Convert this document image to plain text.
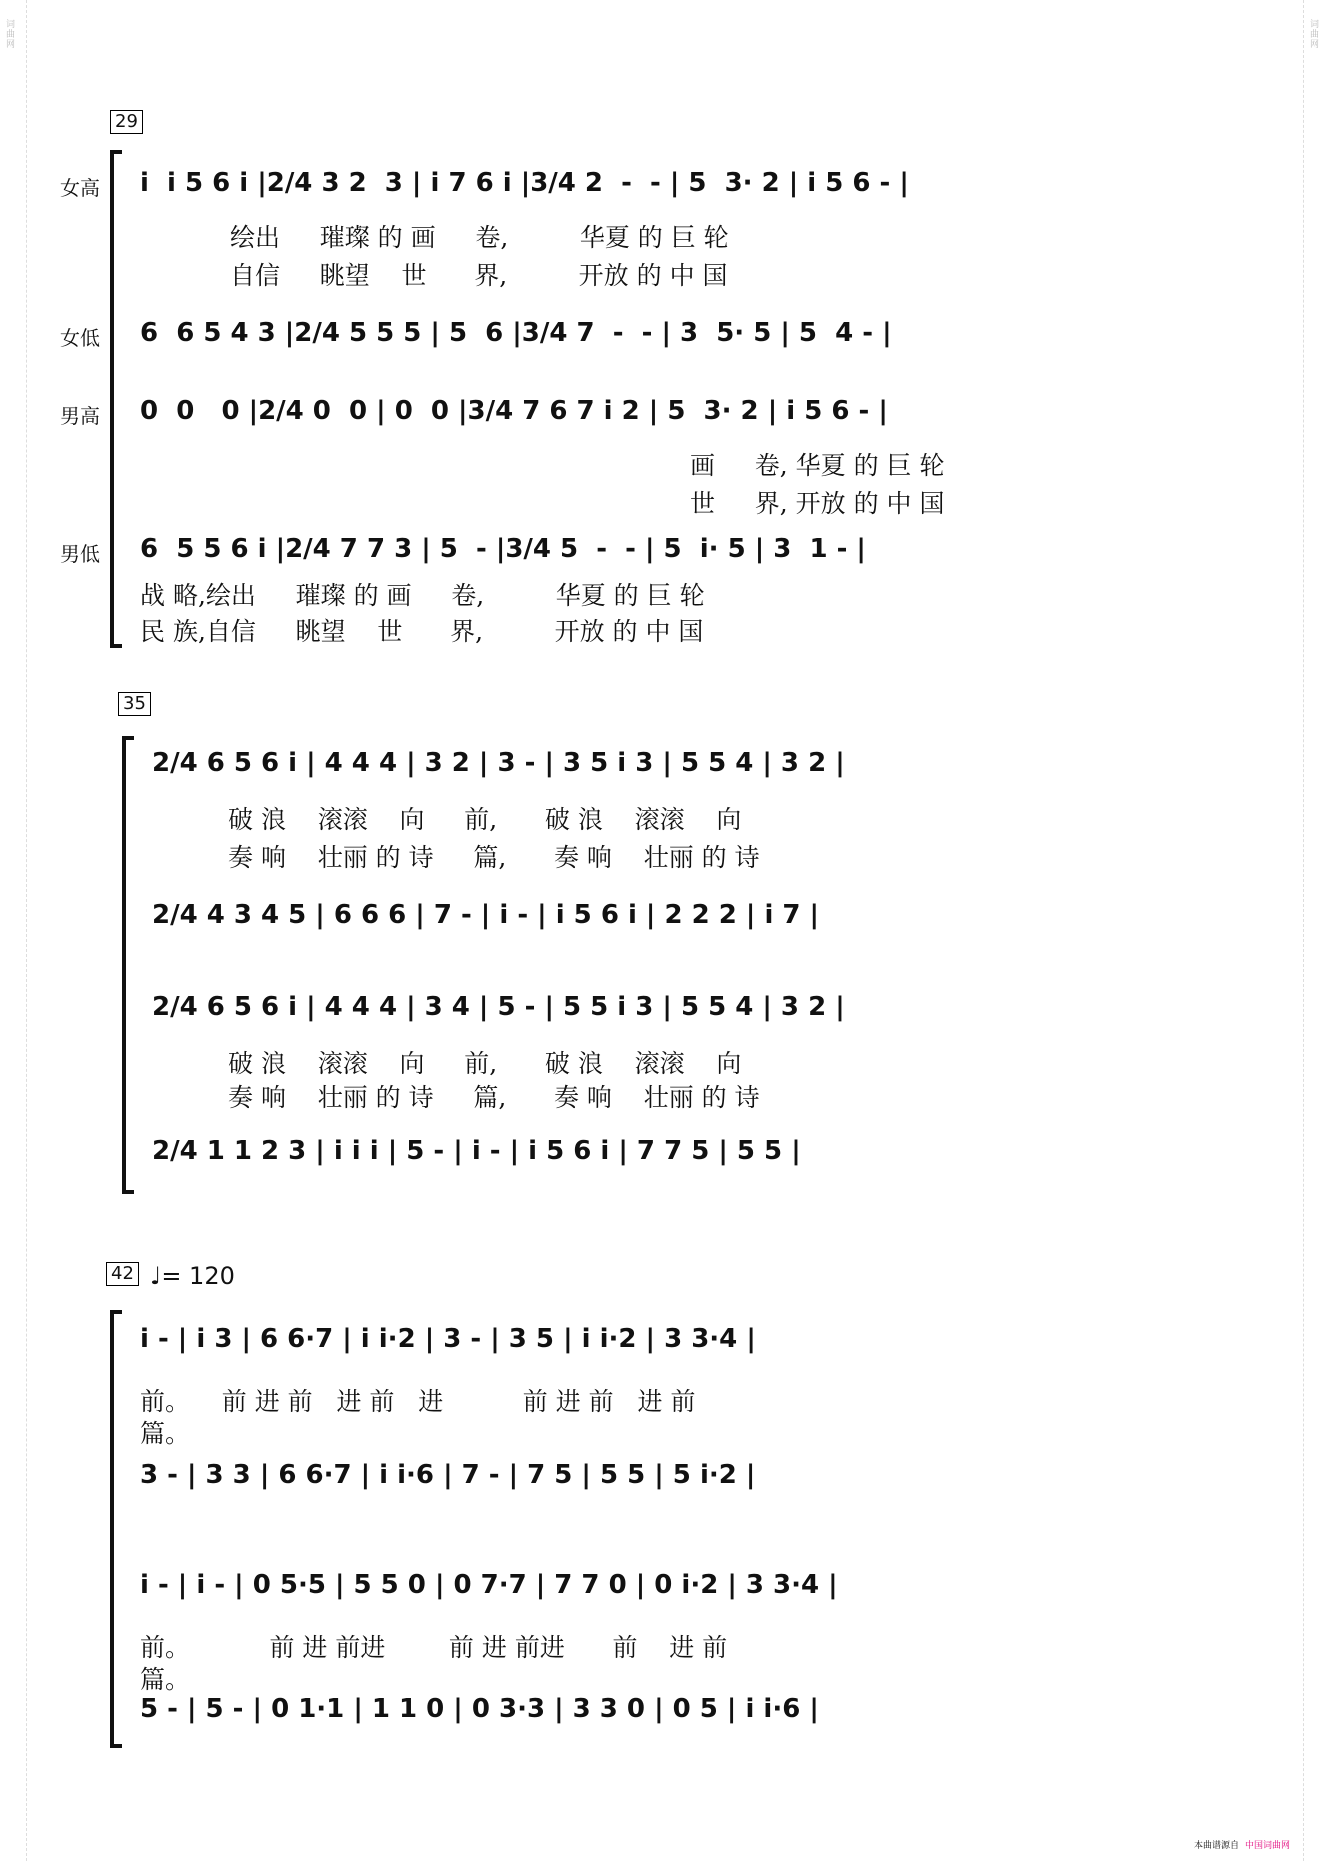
词曲网
词曲网
29
女高 i  i 5 6 i |2/4 3 2  3 | i 7 6 i |3/4 2  -  - | 5  3· 2 | i 5 6 - |
绘出     璀璨 的 画     卷,         华夏 的 巨 轮
自信     眺望    世      界,         开放 的 中 国
女低 6  6 5 4 3 |2/4 5 5 5 | 5  6 |3/4 7  -  - | 3  5· 5 | 5  4 - |
男高 0  0   0 |2/4 0  0 | 0  0 |3/4 7 6 7 i 2 | 5  3· 2 | i 5 6 - |
画     卷, 华夏 的 巨 轮
世     界, 开放 的 中 国
男低 6  5 5 6 i |2/4 7 7 3 | 5  - |3/4 5  -  - | 5  i· 5 | 3  1 - |
战 略,绘出     璀璨 的 画     卷,         华夏 的 巨 轮
民 族,自信     眺望    世      界,         开放 的 中 国
35
2/4 6 5 6 i | 4 4 4 | 3 2 | 3 - | 3 5 i 3 | 5 5 4 | 3 2 |
破 浪    滚滚    向     前,      破 浪    滚滚    向
奏 响    壮丽 的 诗     篇,      奏 响    壮丽 的 诗
2/4 4 3 4 5 | 6 6 6 | 7 - | i - | i 5 6 i | 2 2 2 | i 7 |
2/4 6 5 6 i | 4 4 4 | 3 4 | 5 - | 5 5 i 3 | 5 5 4 | 3 2 |
破 浪    滚滚    向     前,      破 浪    滚滚    向
奏 响    壮丽 的 诗     篇,      奏 响    壮丽 的 诗
2/4 1 1 2 3 | i i i | 5 - | i - | i 5 6 i | 7 7 5 | 5 5 |
42 ♩= 120
i - | i 3 | 6 6·7 | i i·2 | 3 - | 3 5 | i i·2 | 3 3·4 |
前。    前 进 前   进 前   进          前 进 前   进 前
篇。
3 - | 3 3 | 6 6·7 | i i·6 | 7 - | 7 5 | 5 5 | 5 i·2 |
i - | i - | 0 5·5 | 5 5 0 | 0 7·7 | 7 7 0 | 0 i·2 | 3 3·4 |
前。          前 进 前进        前 进 前进      前    进 前
篇。
5 - | 5 - | 0 1·1 | 1 1 0 | 0 3·3 | 3 3 0 | 0 5 | i i·6 |
本曲谱源自 中国词曲网
